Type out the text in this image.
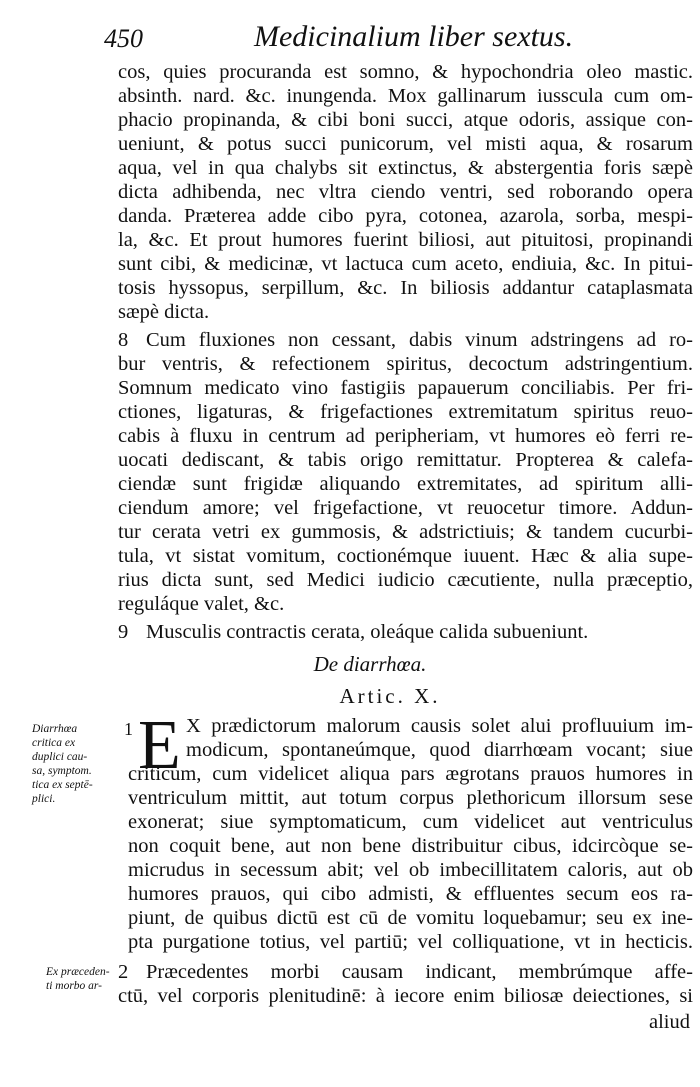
450	Medicinalium liber sextus.
cos, quies procuranda est somno, & hypochondria oleo mastic.
absinth. nard. &c. inungenda. Mox gallinarum iusscula cum om-
phacio propinanda, & cibi boni succi, atque odoris, assique con-
ueniunt, & potus succi punicorum, vel misti aqua, & rosarum
aqua, vel in qua chalybs sit extinctus, & abstergentia foris sæpè
dicta adhibenda, nec vltra ciendo ventri, sed roborando opera
danda. Præterea adde cibo pyra, cotonea, azarola, sorba, mespi-
la, &c. Et prout humores fuerint biliosi, aut pituitosi, propinandi
sunt cibi, & medicinæ, vt lactuca cum aceto, endiuia, &c. In pitui-
tosis hyssopus, serpillum, &c. In biliosis addantur cataplasmata
sæpè dicta.
8 Cum fluxiones non cessant, dabis vinum adstringens ad ro-
bur ventris, & refectionem spiritus, decoctum adstringentium.
Somnum medicato vino fastigiis papauerum conciliabis. Per fri-
ctiones, ligaturas, & frigefactiones extremitatum spiritus reuo-
cabis à fluxu in centrum ad peripheriam, vt humores eò ferri re-
uocati dediscant, & tabis origo remittatur. Propterea & calefa-
ciendæ sunt frigidæ aliquando extremitates, ad spiritum alli-
ciendum amore; vel frigefactione, vt reuocetur timore. Addun-
tur cerata vetri ex gummosis, & adstrictiuis; & tandem cucurbi-
tula, vt sistat vomitum, coctionémque iuuent. Hæc & alia supe-
rius dicta sunt, sed Medici iudicio cæcutiente, nulla præceptio,
reguláque valet, &c.
9 Musculis contractis cerata, oleáque calida subueniunt.
De diarrhœa.
Artic. X.
Diarrhœa
critica ex
duplici cau-
sa, symptom.
tica ex septē-
plici.
1 E X prædictorum malorum causis solet alui profluuium im-
modicum, spontaneúmque, quod diarrhœam vocant; siue
criticum, cum videlicet aliqua pars ægrotans prauos humores in
ventriculum mittit, aut totum corpus plethoricum illorsum sese
exonerat; siue symptomaticum, cum videlicet aut ventriculus
non coquit bene, aut non bene distribuitur cibus, idcircòque se-
micrudus in secessum abit; vel ob imbecillitatem caloris, aut ob
humores prauos, qui cibo admisti, & effluentes secum eos ra-
piunt, de quibus dictū est cū de vomitu loquebamur; seu ex ine-
pta purgatione totius, vel partiū; vel colliquatione, vt in hecticis.
Ex præceden-
ti morbo ar-
2 Præcedentes morbi causam indicant, membrúmque affe-
ctū, vel corporis plenitudinē: à iecore enim biliosæ deiectiones, si
aliud
